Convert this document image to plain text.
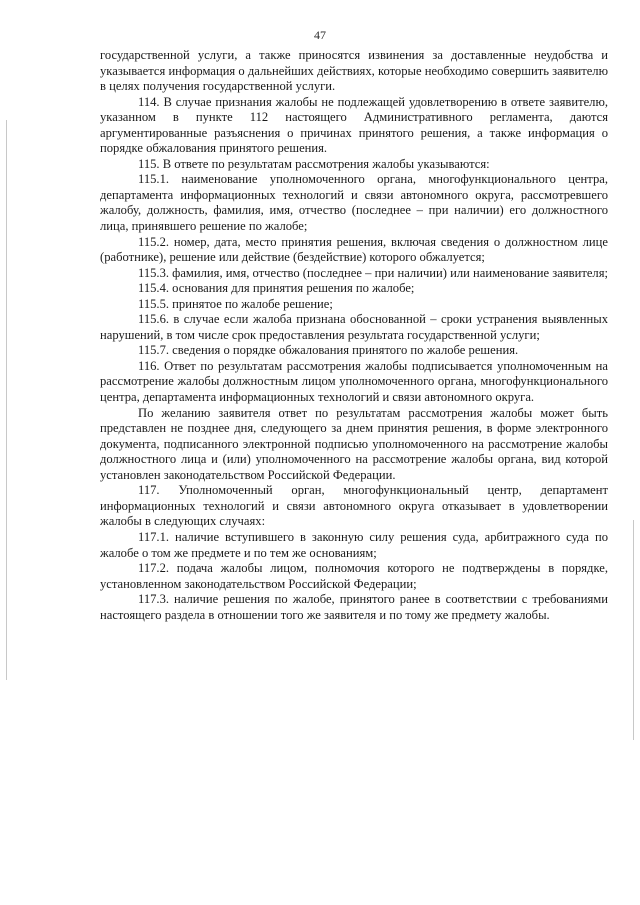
47

государственной услуги, а также приносятся извинения за доставленные неудобства и указывается информация о дальнейших действиях, которые необходимо совершить заявителю в целях получения государственной услуги.

114. В случае признания жалобы не подлежащей удовлетворению в ответе заявителю, указанном в пункте 112 настоящего Административного регламента, даются аргументированные разъяснения о причинах принятого решения, а также информация о порядке обжалования принятого решения.

115. В ответе по результатам рассмотрения жалобы указываются:

115.1. наименование уполномоченного органа, многофункционального центра, департамента информационных технологий и связи автономного округа, рассмотревшего жалобу, должность, фамилия, имя, отчество (последнее – при наличии) его должностного лица, принявшего решение по жалобе;

115.2. номер, дата, место принятия решения, включая сведения о должностном лице (работнике), решение или действие (бездействие) которого обжалуется;

115.3. фамилия, имя, отчество (последнее – при наличии) или наименование заявителя;

115.4. основания для принятия решения по жалобе;

115.5. принятое по жалобе решение;

115.6. в случае если жалоба признана обоснованной – сроки устранения выявленных нарушений, в том числе срок предоставления результата государственной услуги;

115.7. сведения о порядке обжалования принятого по жалобе решения.

116. Ответ по результатам рассмотрения жалобы подписывается уполномоченным на рассмотрение жалобы должностным лицом уполномоченного органа, многофункционального центра, департамента информационных технологий и связи автономного округа.

По желанию заявителя ответ по результатам рассмотрения жалобы может быть представлен не позднее дня, следующего за днем принятия решения, в форме электронного документа, подписанного электронной подписью уполномоченного на рассмотрение жалобы должностного лица и (или) уполномоченного на рассмотрение жалобы органа, вид которой установлен законодательством Российской Федерации.

117. Уполномоченный орган, многофункциональный центр, департамент информационных технологий и связи автономного округа отказывает в удовлетворении жалобы в следующих случаях:

117.1. наличие вступившего в законную силу решения суда, арбитражного суда по жалобе о том же предмете и по тем же основаниям;

117.2. подача жалобы лицом, полномочия которого не подтверждены в порядке, установленном законодательством Российской Федерации;

117.3. наличие решения по жалобе, принятого ранее в соответствии с требованиями настоящего раздела в отношении того же заявителя и по тому же предмету жалобы.
